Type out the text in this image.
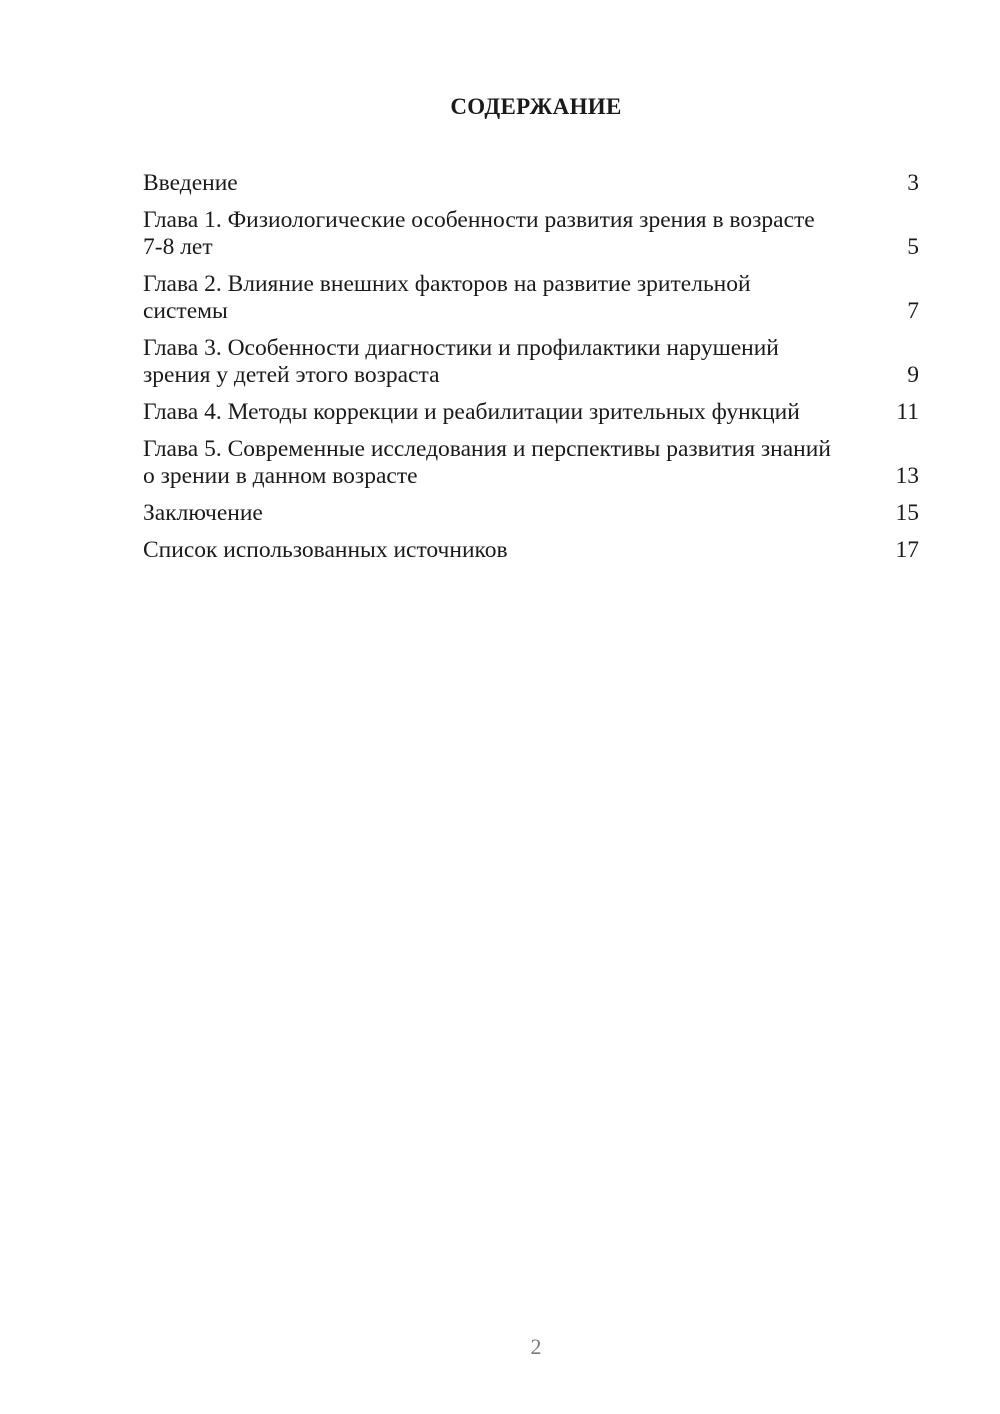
СОДЕРЖАНИЕ
Введение	3
Глава 1. Физиологические особенности развития зрения в возрасте 7-8 лет	5
Глава 2. Влияние внешних факторов на развитие зрительной системы	7
Глава 3. Особенности диагностики и профилактики нарушений зрения у детей этого возраста	9
Глава 4. Методы коррекции и реабилитации зрительных функций	11
Глава 5. Современные исследования и перспективы развития знаний о зрении в данном возрасте	13
Заключение	15
Список использованных источников	17
2
